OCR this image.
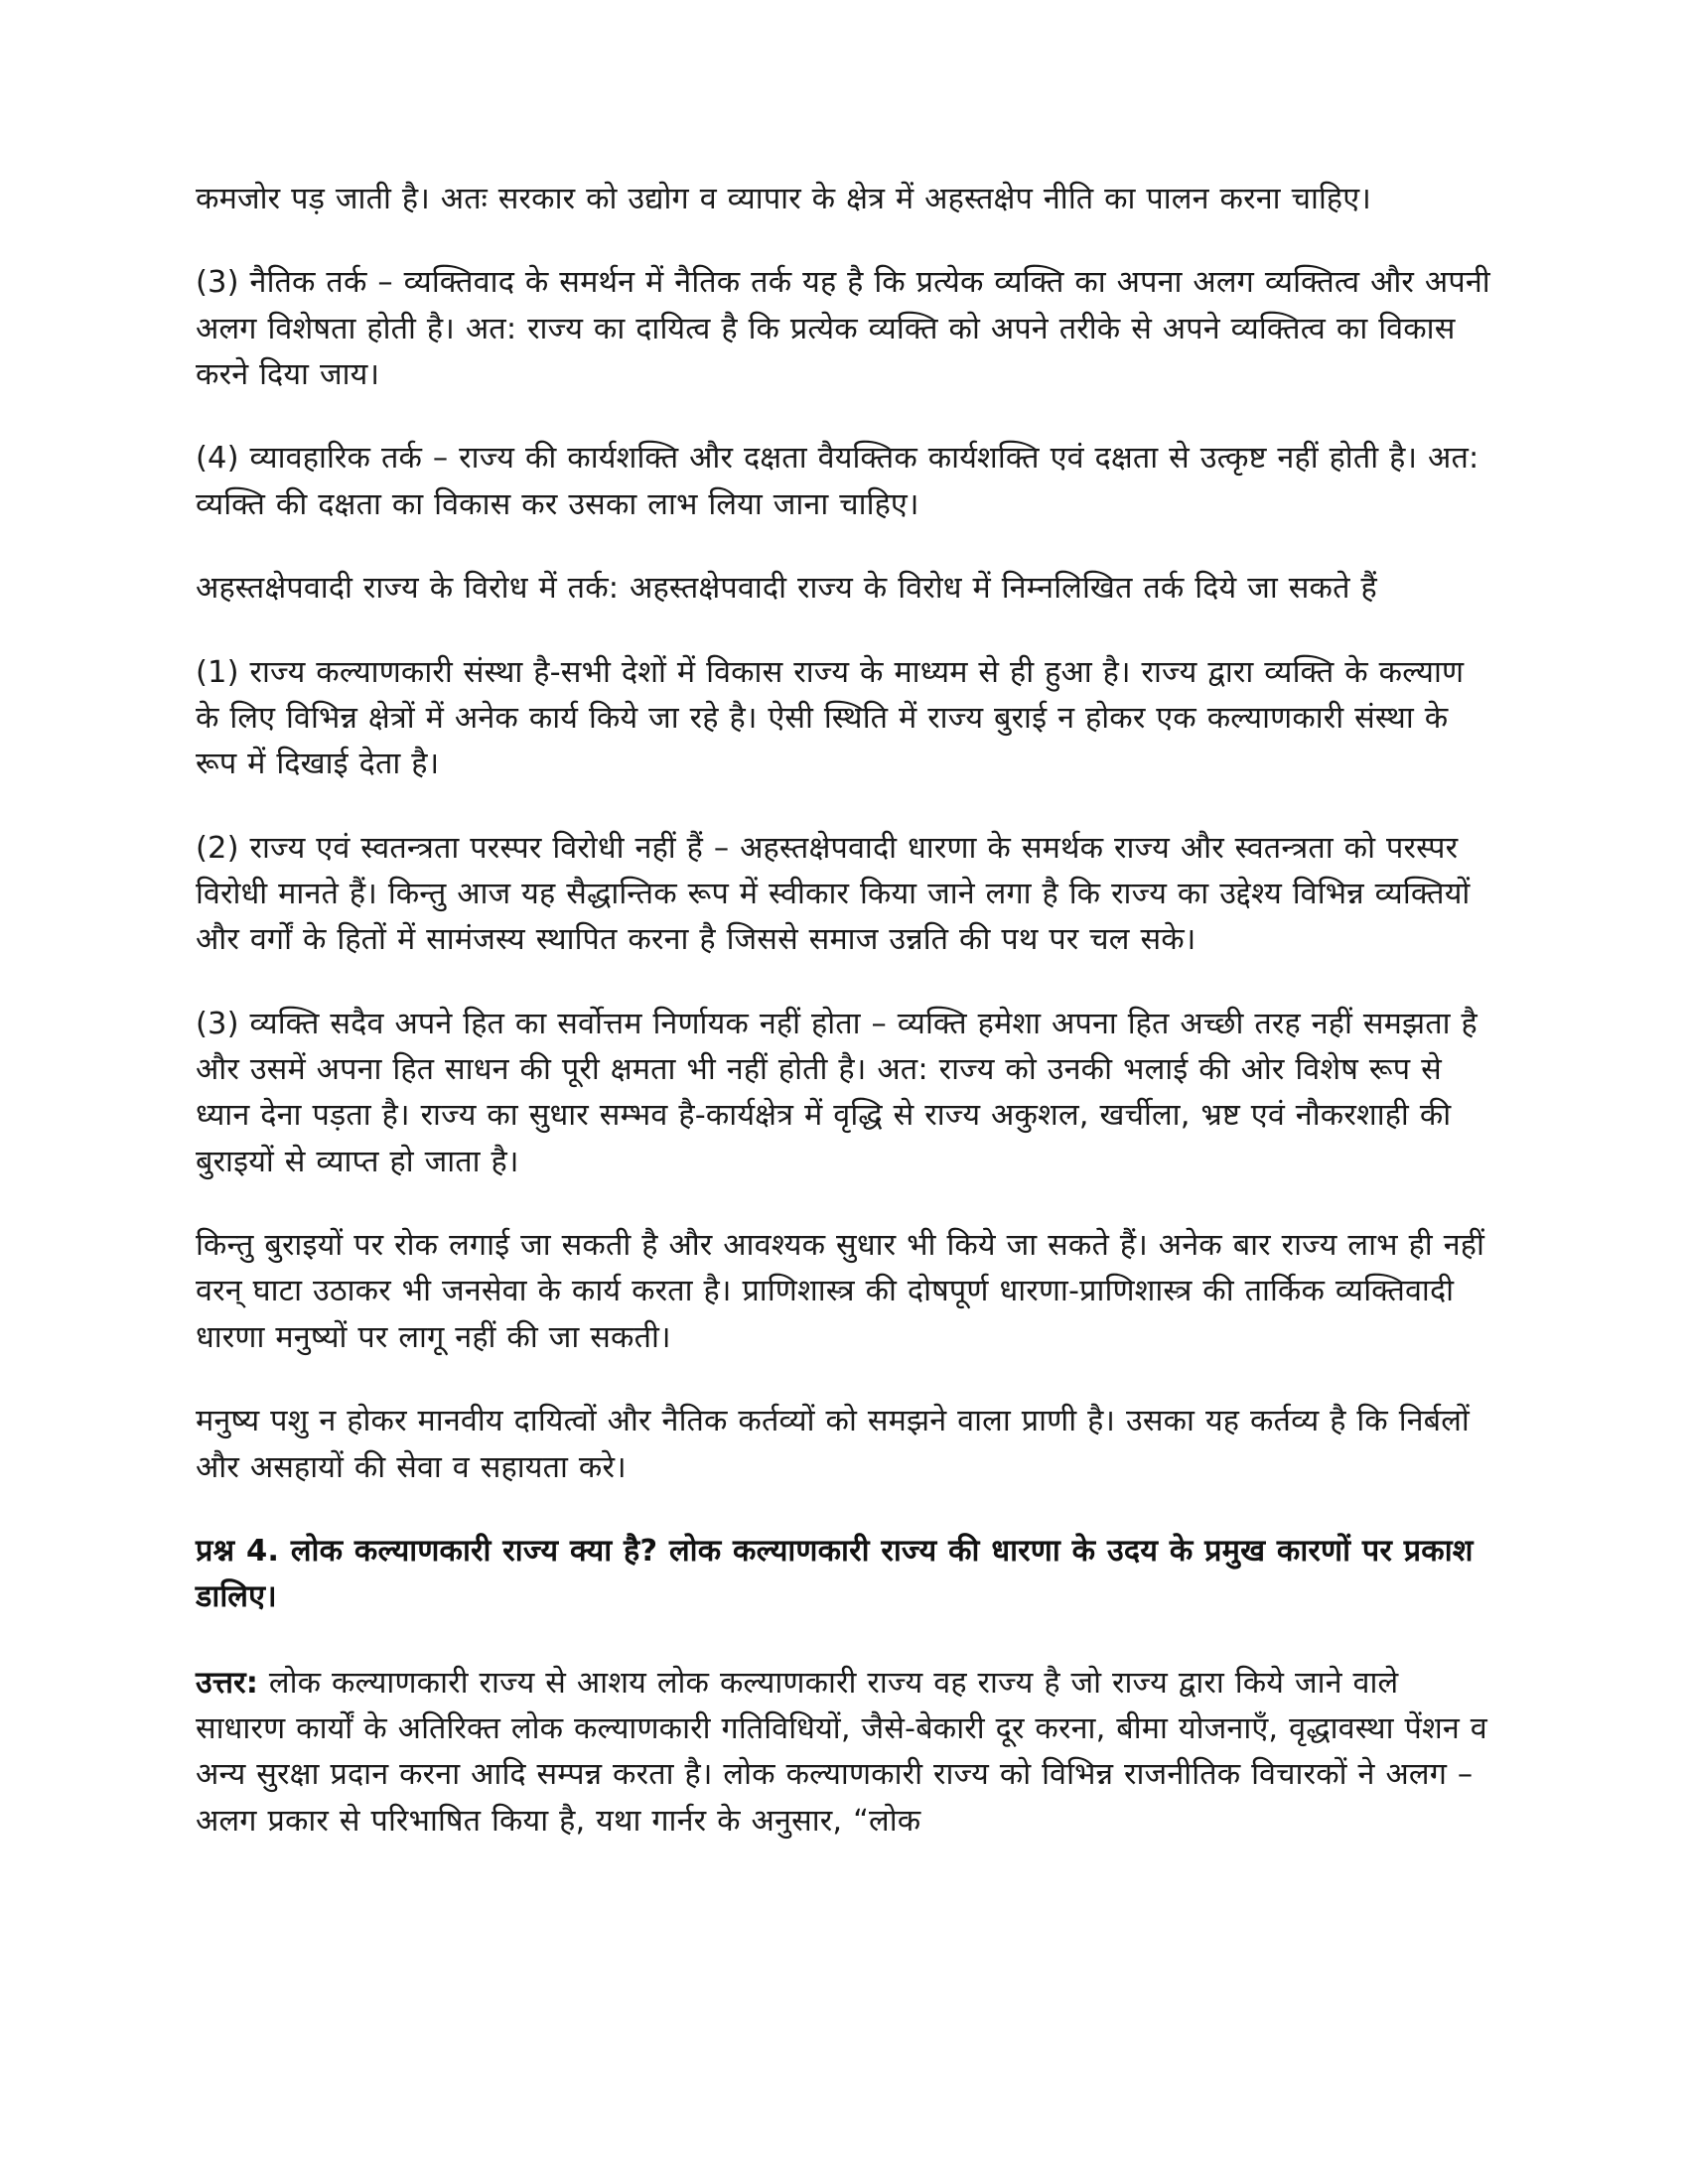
कमजोर पड़ जाती है। अतः सरकार को उद्योग व व्यापार के क्षेत्र में अहस्तक्षेप नीति का पालन करना चाहिए।

(3) नैतिक तर्क – व्यक्तिवाद के समर्थन में नैतिक तर्क यह है कि प्रत्येक व्यक्ति का अपना अलग व्यक्तित्व और अपनी अलग विशेषता होती है। अत: राज्य का दायित्व है कि प्रत्येक व्यक्ति को अपने तरीके से अपने व्यक्तित्व का विकास करने दिया जाय।

(4) व्यावहारिक तर्क – राज्य की कार्यशक्ति और दक्षता वैयक्तिक कार्यशक्ति एवं दक्षता से उत्कृष्ट नहीं होती है। अत: व्यक्ति की दक्षता का विकास कर उसका लाभ लिया जाना चाहिए।

अहस्तक्षेपवादी राज्य के विरोध में तर्क: अहस्तक्षेपवादी राज्य के विरोध में निम्नलिखित तर्क दिये जा सकते हैं

(1) राज्य कल्याणकारी संस्था है-सभी देशों में विकास राज्य के माध्यम से ही हुआ है। राज्य द्वारा व्यक्ति के कल्याण के लिए विभिन्न क्षेत्रों में अनेक कार्य किये जा रहे है। ऐसी स्थिति में राज्य बुराई न होकर एक कल्याणकारी संस्था के रूप में दिखाई देता है।

(2) राज्य एवं स्वतन्त्रता परस्पर विरोधी नहीं हैं – अहस्तक्षेपवादी धारणा के समर्थक राज्य और स्वतन्त्रता को परस्पर विरोधी मानते हैं। किन्तु आज यह सैद्धान्तिक रूप में स्वीकार किया जाने लगा है कि राज्य का उद्देश्य विभिन्न व्यक्तियों और वर्गों के हितों में सामंजस्य स्थापित करना है जिससे समाज उन्नति की पथ पर चल सके।

(3) व्यक्ति सदैव अपने हित का सर्वोत्तम निर्णायक नहीं होता – व्यक्ति हमेशा अपना हित अच्छी तरह नहीं समझता है और उसमें अपना हित साधन की पूरी क्षमता भी नहीं होती है। अत: राज्य को उनकी भलाई की ओर विशेष रूप से ध्यान देना पड़ता है। राज्य का सुधार सम्भव है-कार्यक्षेत्र में वृद्धि से राज्य अकुशल, खर्चीला, भ्रष्ट एवं नौकरशाही की बुराइयों से व्याप्त हो जाता है।

किन्तु बुराइयों पर रोक लगाई जा सकती है और आवश्यक सुधार भी किये जा सकते हैं। अनेक बार राज्य लाभ ही नहीं वरन् घाटा उठाकर भी जनसेवा के कार्य करता है। प्राणिशास्त्र की दोषपूर्ण धारणा-प्राणिशास्त्र की तार्किक व्यक्तिवादी धारणा मनुष्यों पर लागू नहीं की जा सकती।

मनुष्य पशु न होकर मानवीय दायित्वों और नैतिक कर्तव्यों को समझने वाला प्राणी है। उसका यह कर्तव्य है कि निर्बलों और असहायों की सेवा व सहायता करे।

प्रश्न 4. लोक कल्याणकारी राज्य क्या है? लोक कल्याणकारी राज्य की धारणा के उदय के प्रमुख कारणों पर प्रकाश डालिए।

उत्तर: लोक कल्याणकारी राज्य से आशय लोक कल्याणकारी राज्य वह राज्य है जो राज्य द्वारा किये जाने वाले साधारण कार्यों के अतिरिक्त लोक कल्याणकारी गतिविधियों, जैसे-बेकारी दूर करना, बीमा योजनाएँ, वृद्धावस्था पेंशन व अन्य सुरक्षा प्रदान करना आदि सम्पन्न करता है। लोक कल्याणकारी राज्य को विभिन्न राजनीतिक विचारकों ने अलग – अलग प्रकार से परिभाषित किया है, यथा गार्नर के अनुसार, “लोक
